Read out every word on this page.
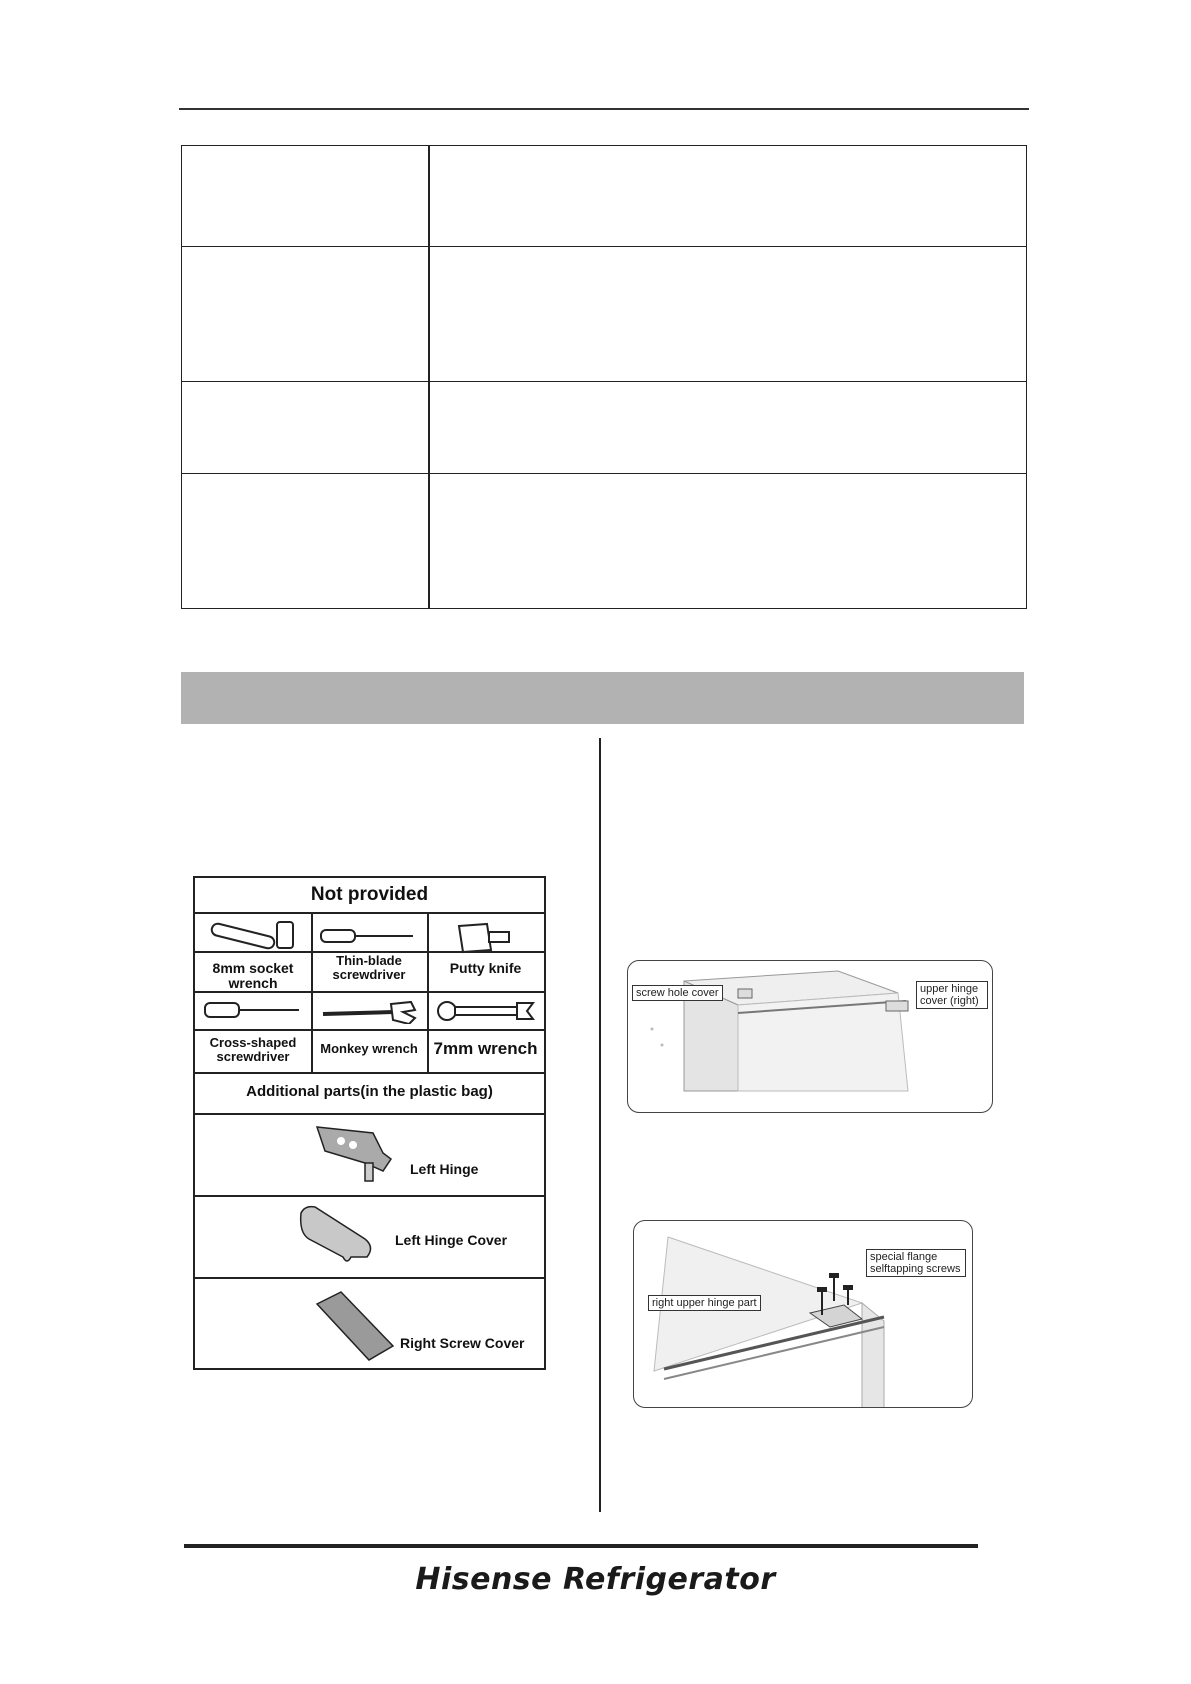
Not provided
8mm socket wrench
Thin-blade screwdriver	Putty knife
Cross-shaped screwdriver
Monkey wrench 7mm wrench
Additional parts(in the plastic bag)
Left Hinge
Left Hinge Cover
Right Screw Cover
screw hole cover	upper hinge cover (right)
special flange selftapping screws
right upper hinge part
Hisense Refrigerator
